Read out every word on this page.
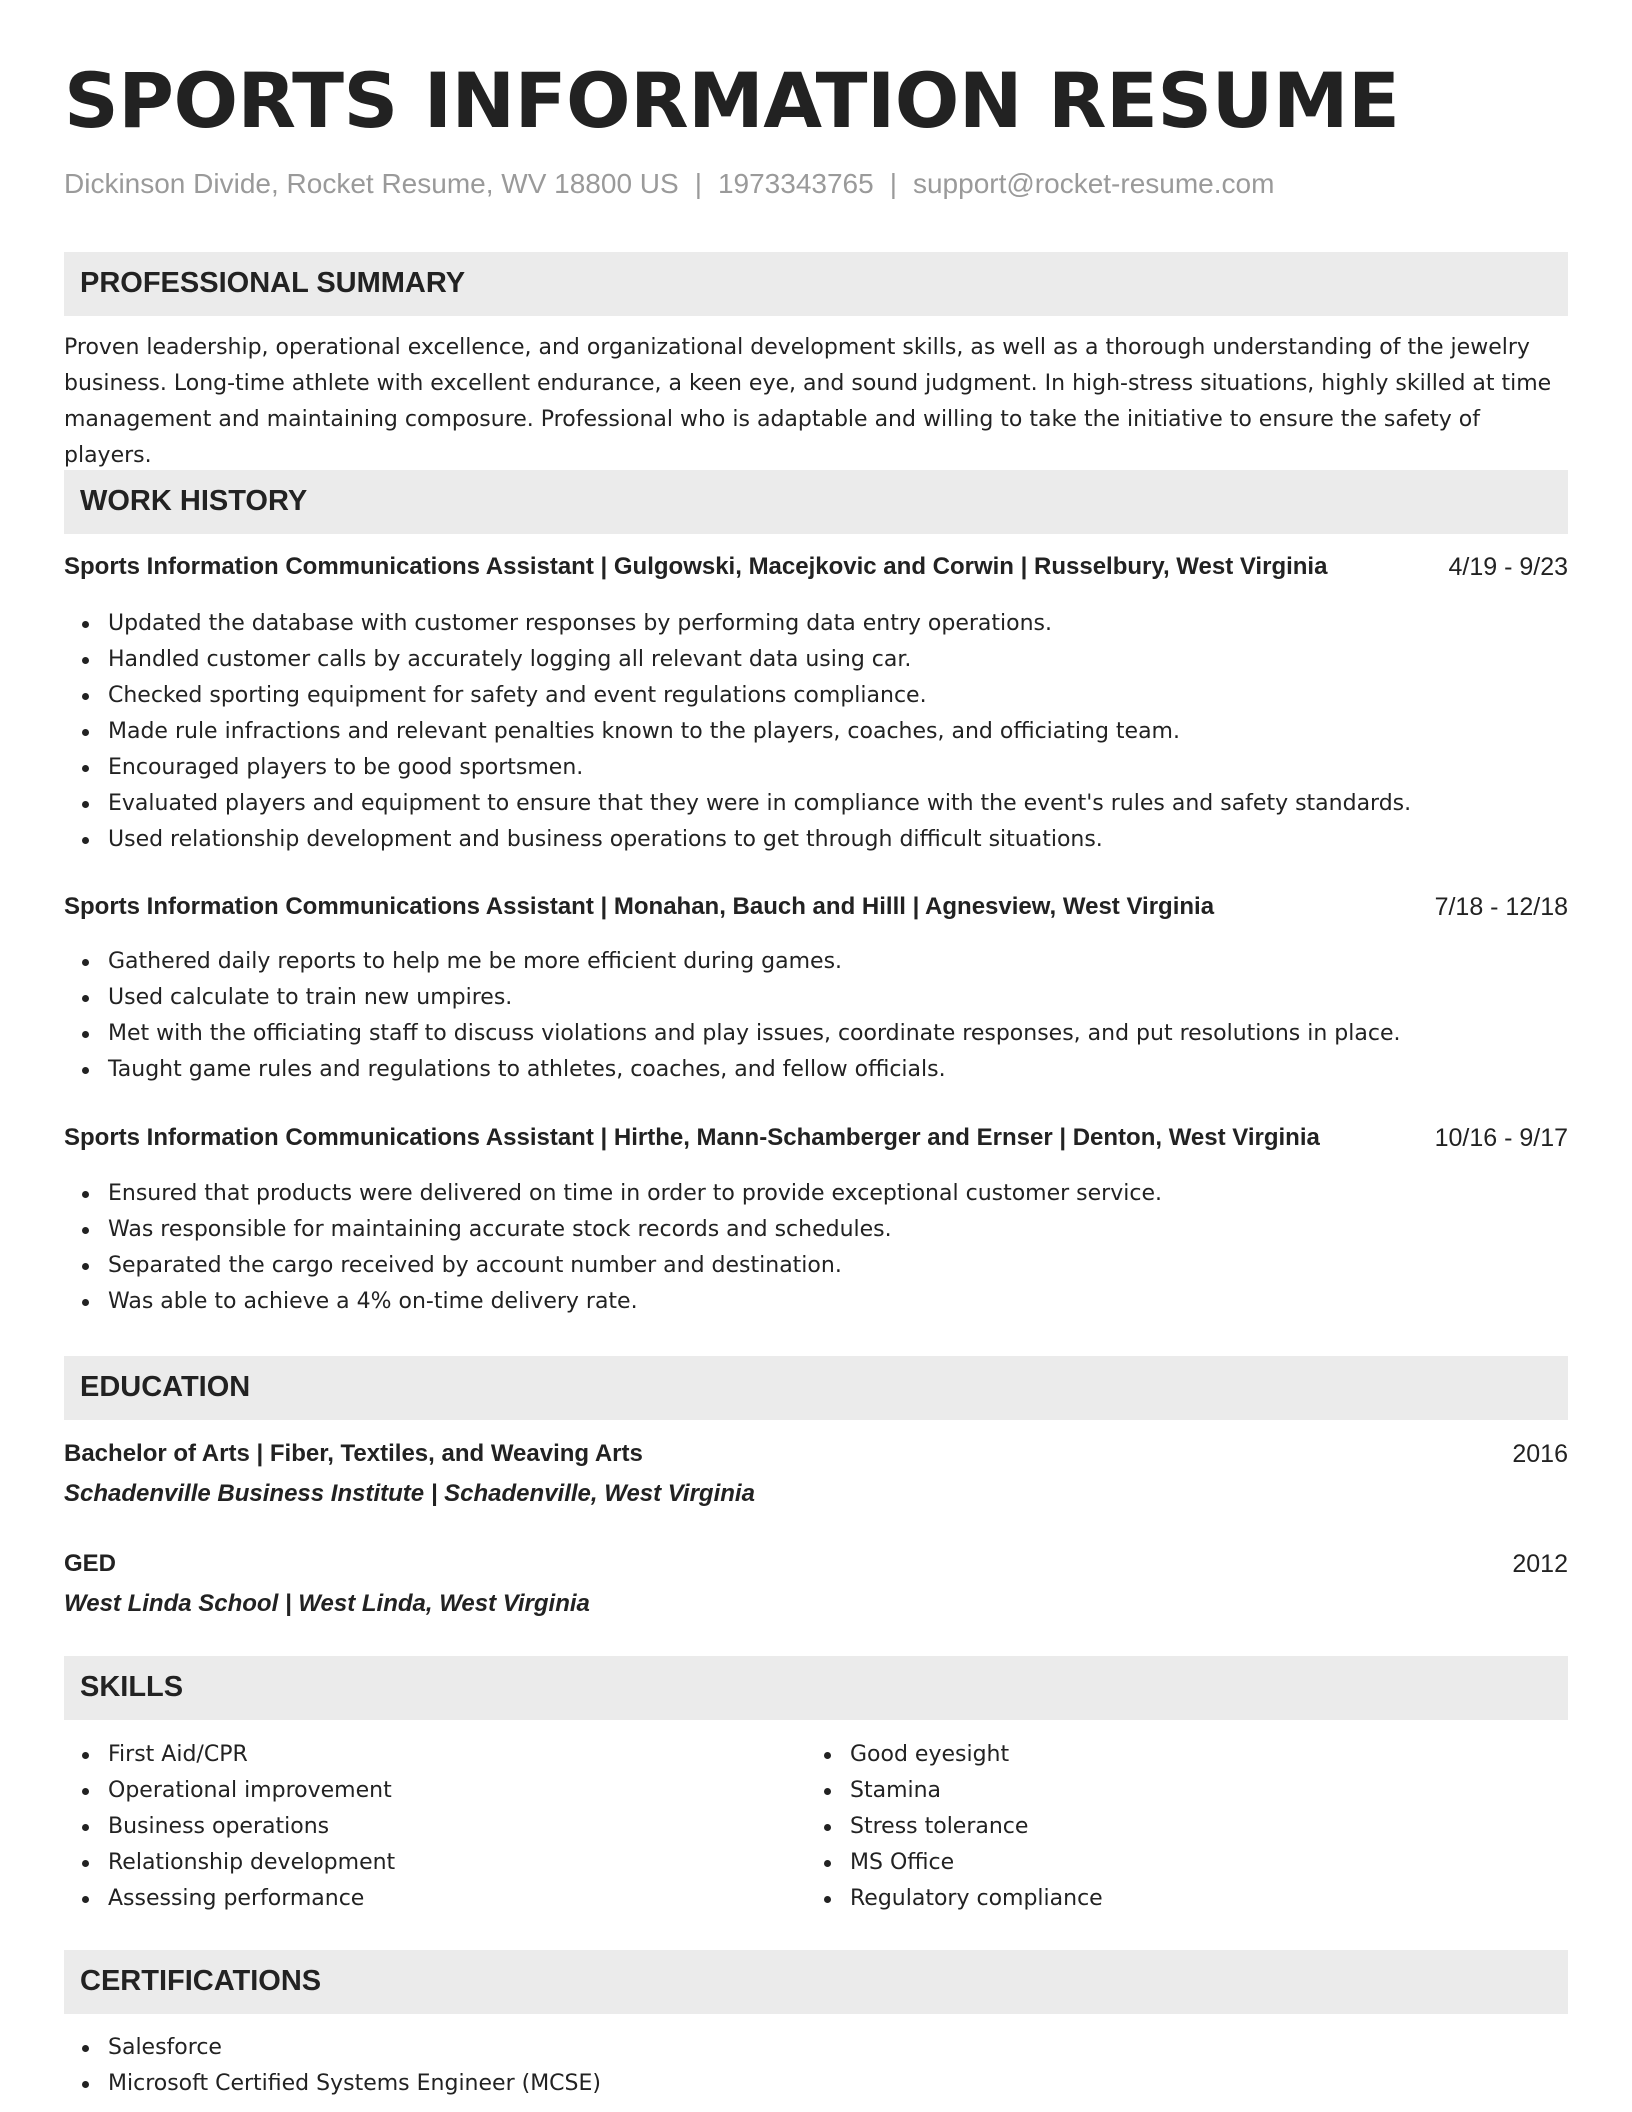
SPORTS INFORMATION RESUME
Dickinson Divide, Rocket Resume, WV 18800 US | 1973343765 | support@rocket-resume.com
PROFESSIONAL SUMMARY
Proven leadership, operational excellence, and organizational development skills, as well as a thorough understanding of the jewelry
business. Long-time athlete with excellent endurance, a keen eye, and sound judgment. In high-stress situations, highly skilled at time
management and maintaining composure. Professional who is adaptable and willing to take the initiative to ensure the safety of players.
WORK HISTORY
Sports Information Communications Assistant | Gulgowski, Macejkovic and Corwin | Russelbury, West Virginia	4/19 - 9/23
Updated the database with customer responses by performing data entry operations.
Handled customer calls by accurately logging all relevant data using car.
Checked sporting equipment for safety and event regulations compliance.
Made rule infractions and relevant penalties known to the players, coaches, and officiating team.
Encouraged players to be good sportsmen.
Evaluated players and equipment to ensure that they were in compliance with the event's rules and safety standards.
Used relationship development and business operations to get through difficult situations.
Sports Information Communications Assistant | Monahan, Bauch and Hilll | Agnesview, West Virginia	7/18 - 12/18
Gathered daily reports to help me be more efficient during games.
Used calculate to train new umpires.
Met with the officiating staff to discuss violations and play issues, coordinate responses, and put resolutions in place.
Taught game rules and regulations to athletes, coaches, and fellow officials.
Sports Information Communications Assistant | Hirthe, Mann-Schamberger and Ernser | Denton, West Virginia	10/16 - 9/17
Ensured that products were delivered on time in order to provide exceptional customer service.
Was responsible for maintaining accurate stock records and schedules.
Separated the cargo received by account number and destination.
Was able to achieve a 4% on-time delivery rate.
EDUCATION
Bachelor of Arts | Fiber, Textiles, and Weaving Arts	2016
Schadenville Business Institute | Schadenville, West Virginia
GED	2012
West Linda School | West Linda, West Virginia
SKILLS
First Aid/CPR
Operational improvement
Business operations
Relationship development
Assessing performance
Good eyesight
Stamina
Stress tolerance
MS Office
Regulatory compliance
CERTIFICATIONS
Salesforce
Microsoft Certified Systems Engineer (MCSE)
